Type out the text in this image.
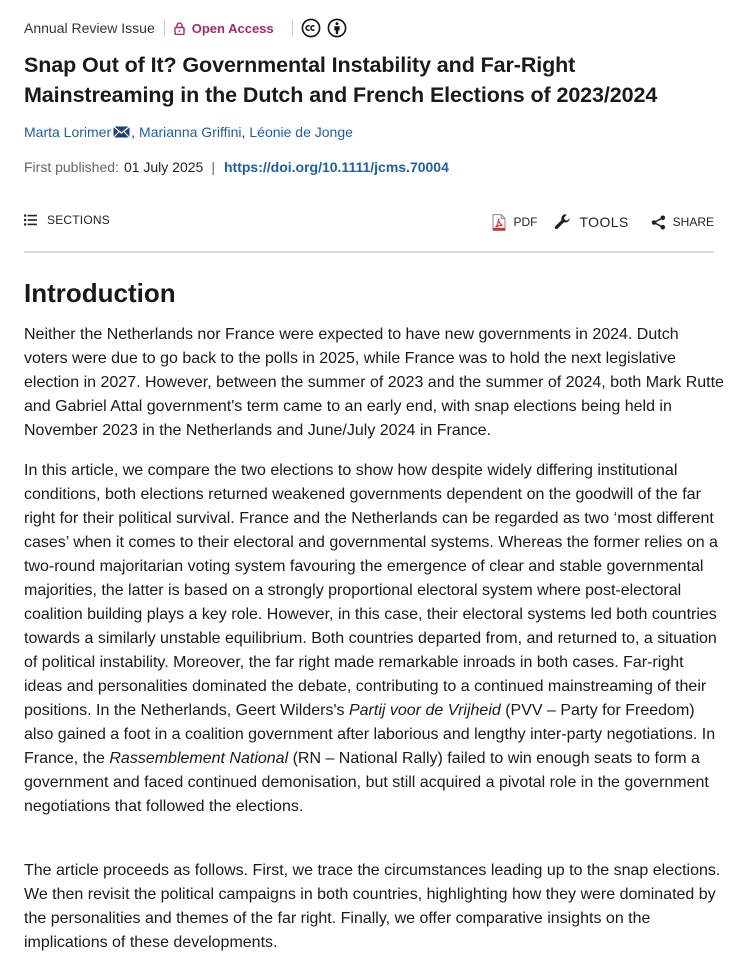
Annual Review Issue	Open Access
Snap Out of It? Governmental Instability and Far-Right Mainstreaming in the Dutch and French Elections of 2023/2024
Marta Lorimer , Marianna Griffini , Léonie de Jonge
First published: 01 July 2025 | https://doi.org/10.1111/jcms.70004
SECTIONS	PDF	TOOLS	SHARE
Introduction

Neither the Netherlands nor France were expected to have new governments in 2024. Dutch voters were due to go back to the polls in 2025, while France was to hold the next legislative election in 2027. However, between the summer of 2023 and the summer of 2024, both Mark Rutte and Gabriel Attal government's term came to an early end, with snap elections being held in November 2023 in the Netherlands and June/July 2024 in France.

In this article, we compare the two elections to show how despite widely differing institutional conditions, both elections returned weakened governments dependent on the goodwill of the far right for their political survival. France and the Netherlands can be regarded as two ‘most different cases’ when it comes to their electoral and governmental systems. Whereas the former relies on a two-round majoritarian voting system favouring the emergence of clear and stable governmental majorities, the latter is based on a strongly proportional electoral system where post-electoral coalition building plays a key role. However, in this case, their electoral systems led both countries towards a similarly unstable equilibrium. Both countries departed from, and returned to, a situation of political instability. Moreover, the far right made remarkable inroads in both cases. Far-right ideas and personalities dominated the debate, contributing to a continued mainstreaming of their positions. In the Netherlands, Geert Wilders's Partij voor de Vrijheid (PVV – Party for Freedom) also gained a foot in a coalition government after laborious and lengthy inter-party negotiations. In France, the Rassemblement National (RN – National Rally) failed to win enough seats to form a government and faced continued demonisation, but still acquired a pivotal role in the government negotiations that followed the elections.

The article proceeds as follows. First, we trace the circumstances leading up to the snap elections. We then revisit the political campaigns in both countries, highlighting how they were dominated by the personalities and themes of the far right. Finally, we offer comparative insights on the implications of these developments.
